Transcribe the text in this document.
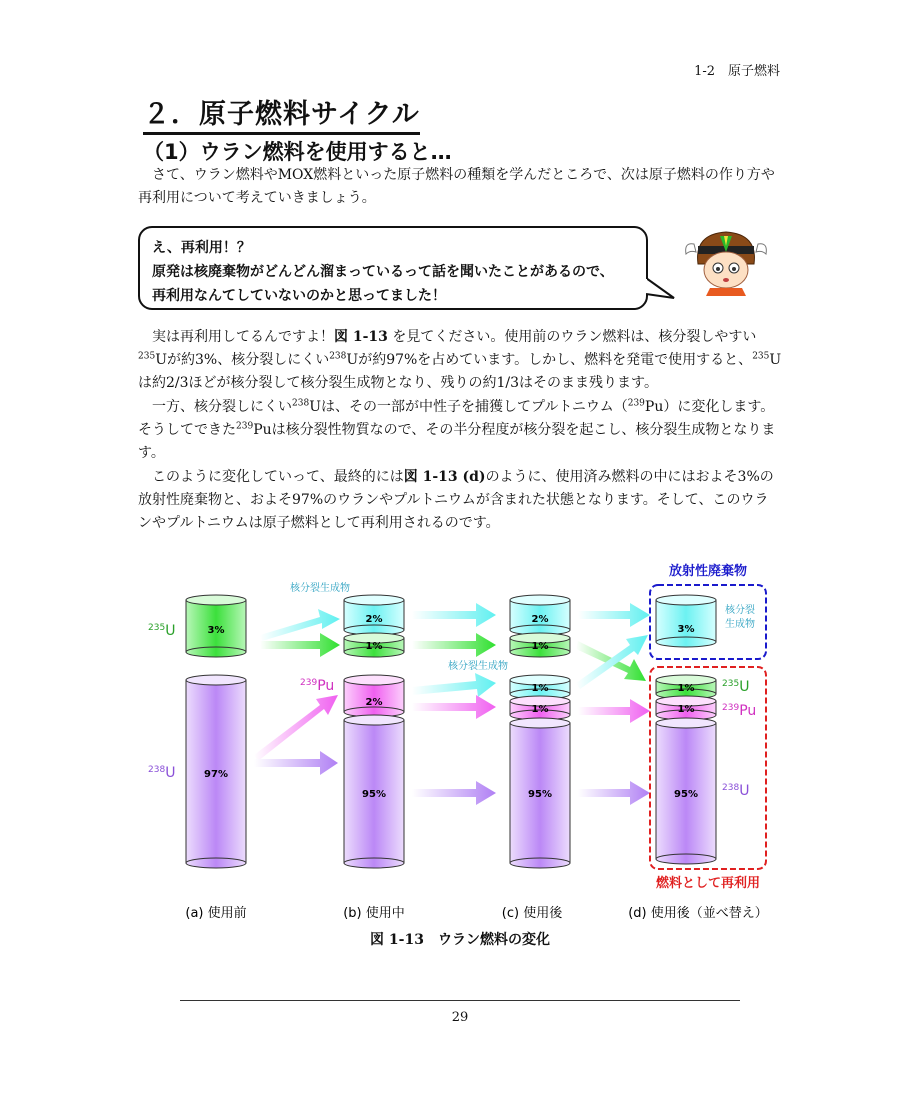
1-2　原子燃料
２．原子燃料サイクル
（1）ウラン燃料を使用すると…
さて、ウラン燃料やMOX燃料といった原子燃料の種類を学んだところで、次は原子燃料の作り方や再利用について考えていきましょう。
え、再利用！？
原発は核廃棄物がどんどん溜まっているって話を聞いたことがあるので、
再利用なんてしていないのかと思ってました！
実は再利用してるんですよ！図 1-13 を見てください。使用前のウラン燃料は、核分裂しやすい$^{235}$Uが約3%、核分裂しにくい$^{238}$Uが約97%を占めています。しかし、燃料を発電で使用すると、$^{235}$Uは約2/3ほどが核分裂して核分裂生成物となり、残りの約1/3はそのまま残ります。
一方、核分裂しにくい$^{238}$Uは、その一部が中性子を捕獲してプルトニウム（$^{239}$Pu）に変化します。そうしてできた$^{239}$Puは核分裂性物質なので、その半分程度が核分裂を起こし、核分裂生成物となります。
このように変化していって、最終的には図 1-13 (d)のように、使用済み燃料の中にはおよそ3%の放射性廃棄物と、およそ97%のウランやプルトニウムが含まれた状態となります。そして、このウランやプルトニウムは原子燃料として再利用されるのです。
3%
97%
$^{235}$U
$^{238}$U
核分裂生成物
2%
1%
2%
95%
$^{239}$Pu
核分裂生成物
2%
1%
1%
1%
95%
放射性廃棄物
3%
核分裂
生成物
燃料として再利用
1%
1%
95%
$^{235}$U
$^{239}$Pu
$^{238}$U
(a) 使用前	(b) 使用中	(c) 使用後	(d) 使用後（並べ替え）
図 1-13　ウラン燃料の変化
29
